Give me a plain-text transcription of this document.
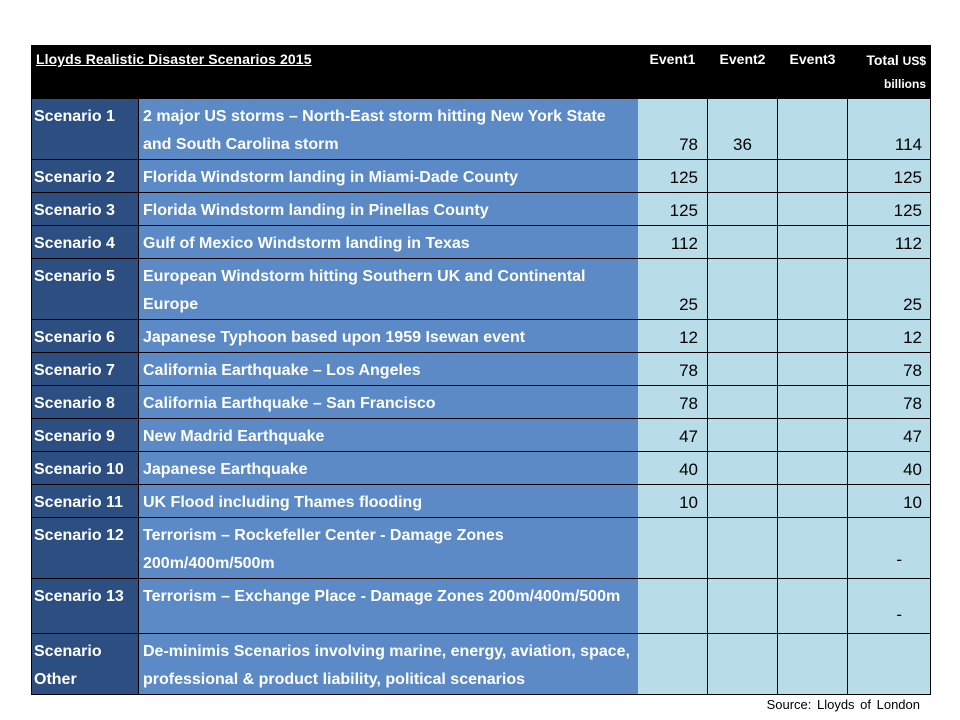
Lloyds Realistic Disaster Scenarios 2015		Event1	Event2	Event3	Total US$
billions
Scenario 1	2 major US storms – North-East storm hitting New York State and South Carolina storm	78	36		114
Scenario 2	Florida Windstorm landing in Miami-Dade County	125			125
Scenario 3	Florida Windstorm landing in Pinellas County	125			125
Scenario 4	Gulf of Mexico Windstorm landing in Texas	112			112
Scenario 5	European Windstorm hitting Southern UK and Continental Europe	25			25
Scenario 6	Japanese Typhoon based upon 1959 Isewan event	12			12
Scenario 7	California Earthquake – Los Angeles	78			78
Scenario 8	California Earthquake – San Francisco	78			78
Scenario 9	New Madrid Earthquake	47			47
Scenario 10	Japanese Earthquake	40			40
Scenario 11	UK Flood including Thames flooding	10			10
Scenario 12	Terrorism – Rockefeller Center - Damage Zones 200m/400m/500m				-
Scenario 13	Terrorism – Exchange Place - Damage Zones 200m/400m/500m				-
Scenario Other	De-minimis Scenarios involving marine, energy, aviation, space, professional & product liability, political scenarios				
Source: Lloyds of London
